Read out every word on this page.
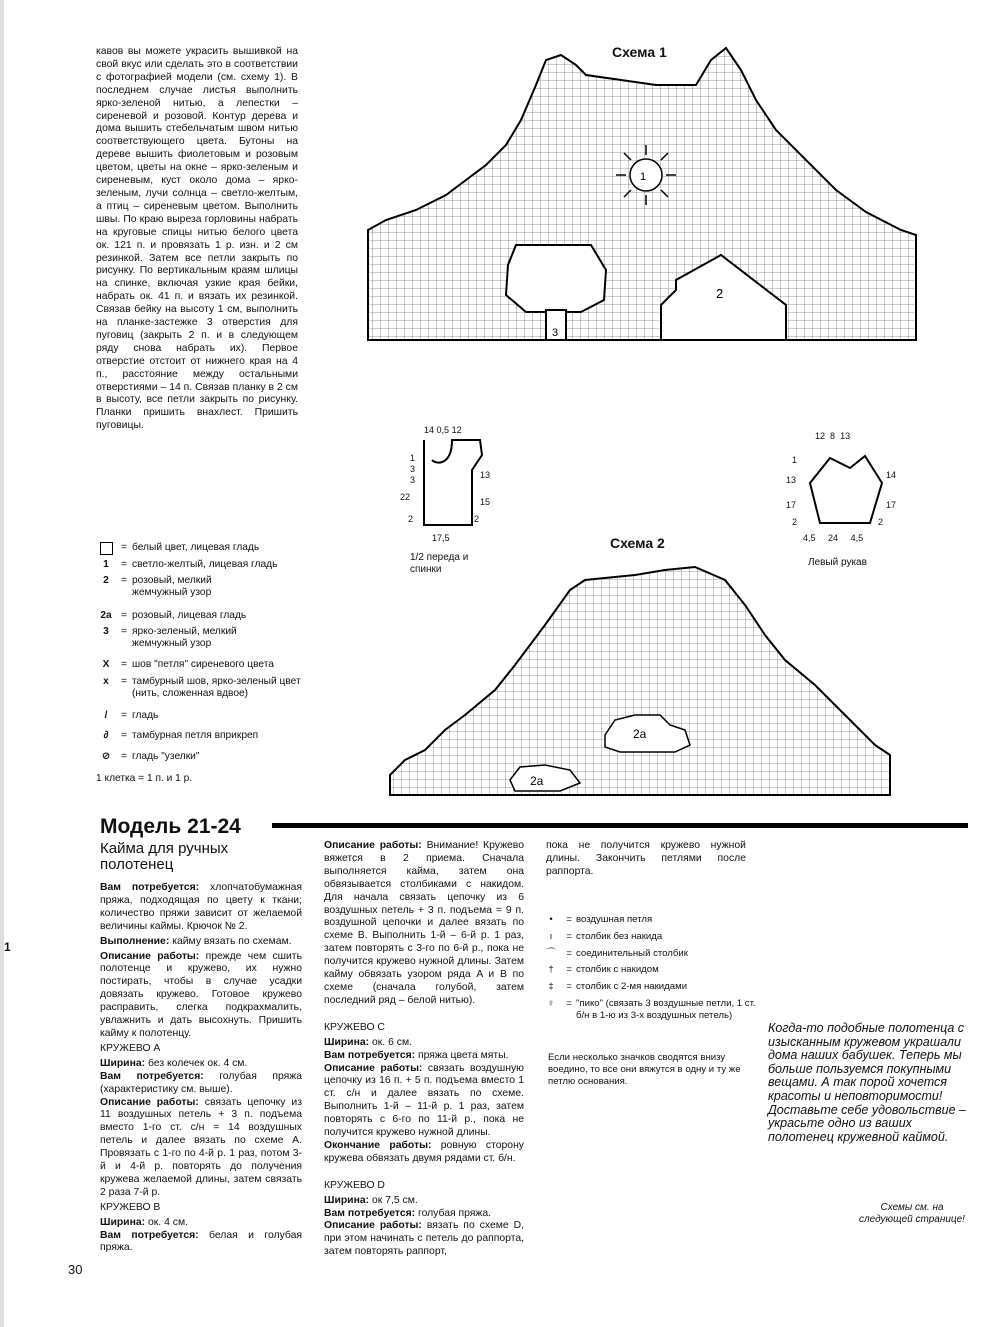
1

кавов вы можете украсить вышивкой на свой вкус или сделать это в соответствии с фотографией модели (см. схему 1). В последнем случае листья выполнить ярко-зеленой нитью, а лепестки – сиреневой и розовой. Контур дерева и дома вышить стебельчатым швом нитью соответствующего цвета. Бутоны на дереве вышить фиолетовым и розовым цветом, цветы на окне – ярко-зеленым и сиреневым, куст около дома – ярко-зеленым, лучи солнца – светло-желтым, а птиц – сиреневым цветом. Выполнить швы. По краю выреза горловины набрать на круговые спицы нитью белого цвета ок. 121 п. и провязать 1 р. изн. и 2 см резинкой. Затем все петли закрыть по рисунку. По вертикальным краям шлицы на спинке, включая узкие края бейки, набрать ок. 41 п. и вязать их резинкой. Связав бейку на высоту 1 см, выполнить на планке-застежке 3 отверстия для пуговиц (закрыть 2 п. и в следующем ряду снова набрать их). Первое отверстие отстоит от нижнего края на 4 п., расстояние между остальными отверстиями – 14 п. Связав планку в 2 см в высоту, все петли закрыть по рисунку. Планки пришить внахлест. Пришить пуговицы.

Схема 1
1
3
2
14 0,5 12
1
3
3	13
22	15
2	2
17,5
1/2 переда и спинки
12 8 13
1
13	14
17	17
2	2
4,5 24 4,5
Левый рукав
Схема 2
2a
2a
= белый цвет, лицевая гладь
1	= светло-желтый, лицевая гладь
2	= розовый, мелкий жемчужный узор
2a = розовый, лицевая гладь
3	= ярко-зеленый, мелкий жемчужный узор
X	= шов "петля" сиреневого цвета
x	= тамбурный шов, ярко-зеленый цвет (нить, сложенная вдвое)
/	= гладь
∂	= тамбурная петля вприкреп
⊘	= гладь "узелки"
1 клетка = 1 п. и 1 р.
Модель 21-24
Кайма для ручных полотенец

Вам потребуется: хлопчатобумажная пряжа, подходящая по цвету к ткани; количество пряжи зависит от желаемой величины каймы. Крючок № 2.

Выполнение: кайму вязать по схемам.

Описание работы: прежде чем сшить полотенце и кружево, их нужно постирать, чтобы в случае усадки довязать кружево. Готовое кружево расправить, слегка подкрахмалить, увлажнить и дать высохнуть. Пришить кайму к полотенцу.

КРУЖЕВО A

Ширина: без колечек ок. 4 см.

Вам потребуется: голубая пряжа (характеристику см. выше).

Описание работы: связать цепочку из 11 воздушных петель + 3 п. подъема вместо 1-го ст. с/н = 14 воздушных петель и далее вязать по схеме A. Провязать с 1-го по 4-й р. 1 раз, потом 3-й и 4-й р. повторять до получения кружева желаемой длины, затем связать 2 раза 7-й р.

КРУЖЕВО B

Ширина: ок. 4 см.

Вам потребуется: белая и голубая пряжа.

Описание работы: Внимание! Кружево вяжется в 2 приема. Сначала выполняется кайма, затем она обвязывается столбиками с накидом. Для начала связать цепочку из 6 воздушных петель + 3 п. подъема = 9 п. воздушной цепочки и далее вязать по схеме B. Выполнить 1-й – 6-й р. 1 раз, затем повторять с 3-го по 6-й р., пока не получится кружево нужной длины. Затем кайму обвязать узором ряда A и B по схеме (сначала голубой, затем последний ряд – белой нитью).

КРУЖЕВО C

Ширина: ок. 6 см.

Вам потребуется: пряжа цвета мяты.

Описание работы: связать воздушную цепочку из 16 п. + 5 п. подъема вместо 1 ст. с/н и далее вязать по схеме. Выполнить 1-й – 11-й р. 1 раз, затем повторять с 6-го по 11-й р., пока не получится кружево нужной длины.

Окончание работы: ровную сторону кружева обвязать двумя рядами ст. б/н.

КРУЖЕВО D

Ширина: ок 7,5 см.

Вам потребуется: голубая пряжа.

Описание работы: вязать по схеме D, при этом начинать с петель до раппорта, затем повторять раппорт,

пока не получится кружево нужной длины. Закончить петлями после раппорта.

•	= воздушная петля
ı	= столбик без накида
⌒	= соединительный столбик
†	= столбик с накидом
‡	= столбик с 2-мя накидами
♀	= "пико" (связать 3 воздушные петли, 1 ст. б/н в 1-ю из 3-х воздушных петель)
Если несколько значков сводятся внизу воедино, то все они вяжутся в одну и ту же петлю основания.
Когда-то подобные полотенца с изысканным кружевом украшали дома наших бабушек. Теперь мы больше пользуемся покупными вещами. А так порой хочется красоты и неповторимости! Доставьте себе удовольствие – украсьте одно из ваших полотенец кружевной каймой.
Схемы см. на следующей странице!
30
